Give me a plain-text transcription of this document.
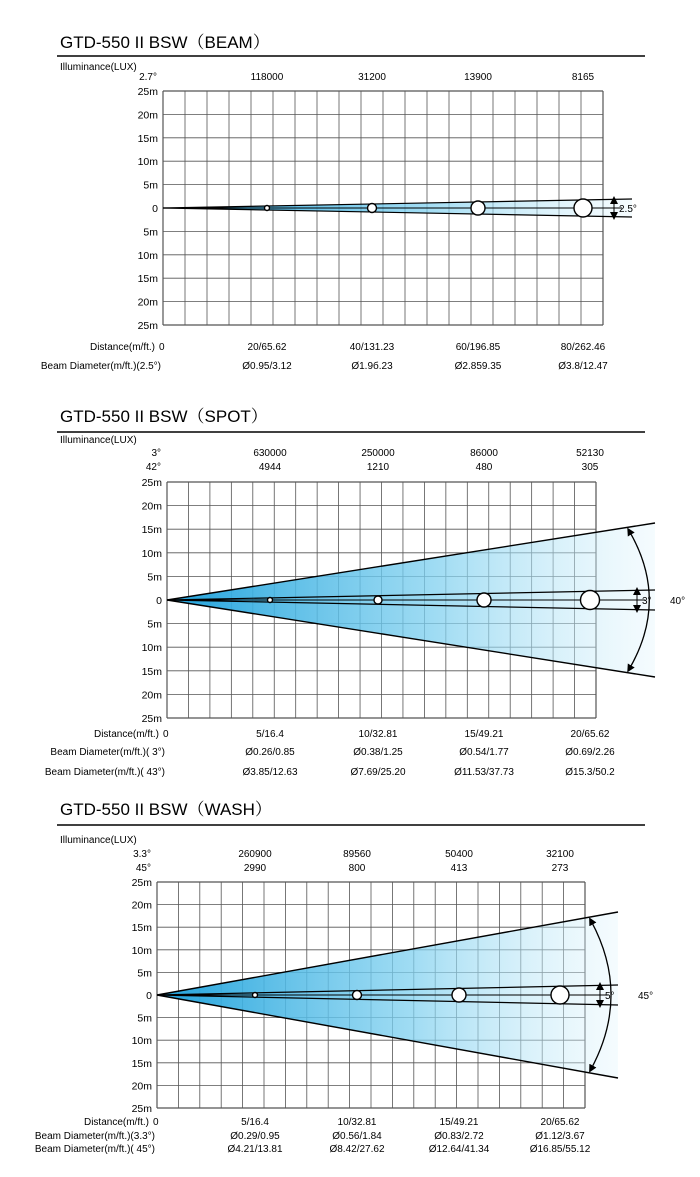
GTD-550 II BSW（BEAM）
Illuminance(LUX)
2.7°	118000	31200	13900	8165
25m
20m
15m
10m
5m
0
5m
10m
15m
20m
25m
2.5°
Distance(m/ft.) 0	20/65.62	40/131.23	60/196.85	80/262.46
Beam Diameter(m/ft.)(2.5°)	Ø0.95/3.12	Ø1.9б.23	Ø2.859.35	Ø3.8/12.47
GTD-550 II BSW（SPOT）
Illuminance(LUX)
3°	630000	250000	86000	52130
42°	4944	1210	480	305
25m
20m
15m
10m
5m
0
5m
10m
15m
20m
25m
3° 40°
Distance(m/ft.) 0	5/16.4	10/32.81	15/49.21	20/65.62
Beam Diameter(m/ft.)( 3°)	Ø0.26/0.85	Ø0.38/1.25	Ø0.54/1.77	Ø0.69/2.26
Beam Diameter(m/ft.)( 43°)	Ø3.85/12.63	Ø7.69/25.20	Ø11.53/37.73	Ø15.3/50.2
GTD-550 II BSW（WASH）
Illuminance(LUX)
3.3°	260900	89560	50400	32100
45°	2990	800	413	273
25m
20m
15m
10m
5m
0
5m
10m
15m
20m
25m
5° 45°
Distance(m/ft.) 0	5/16.4	10/32.81	15/49.21	20/65.62
Beam Diameter(m/ft.)(3.3°)	Ø0.29/0.95	Ø0.56/1.84	Ø0.83/2.72	Ø1.12/3.67
Beam Diameter(m/ft.)( 45°)	Ø4.21/13.81	Ø8.42/27.62	Ø12.64/41.34	Ø16.85/55.12
